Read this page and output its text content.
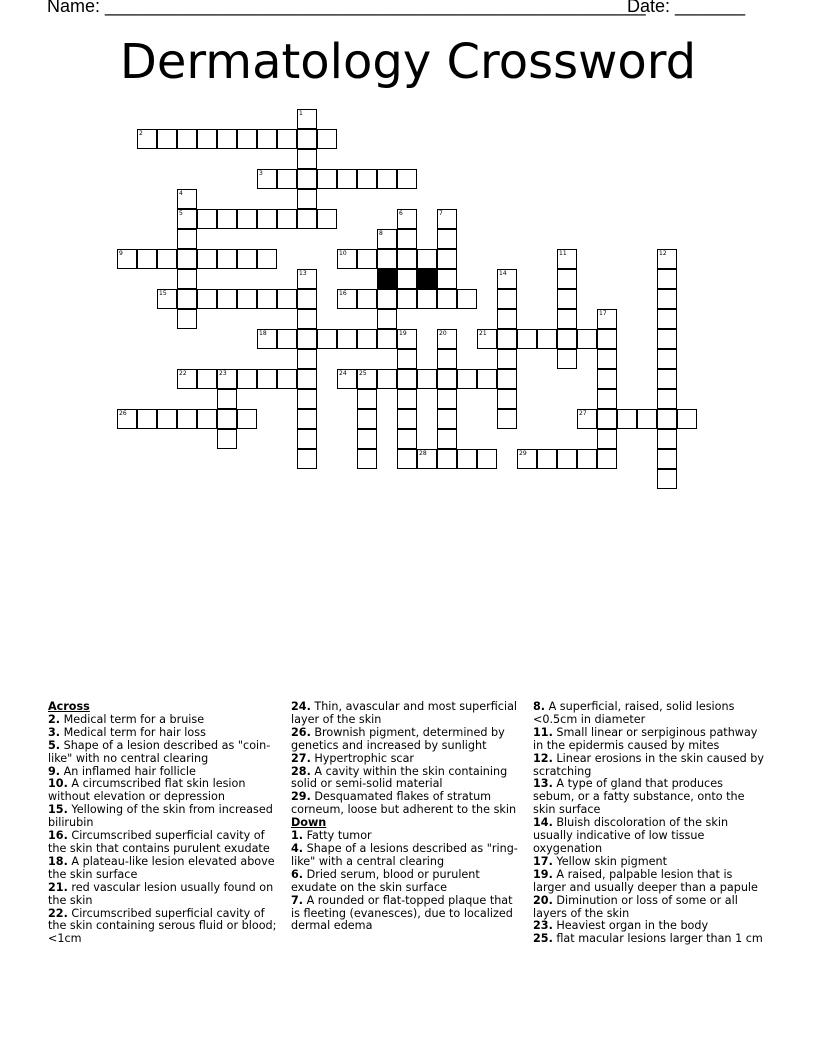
Name: ______________________________________________________
Date: _______
Dermatology Crossword
2
3
5
9	10
15	16
18	21
22	23	24 25
26	27
28	29
1
4
6	7
8
11	12
13	14
17
19	20
Across
2. Medical term for a bruise
3. Medical term for hair loss
5. Shape of a lesion described as "coin-like" with no central clearing
9. An inflamed hair follicle
10. A circumscribed flat skin lesion without elevation or depression
15. Yellowing of the skin from increased bilirubin
16. Circumscribed superficial cavity of the skin that contains purulent exudate
18. A plateau-like lesion elevated above the skin surface
21. red vascular lesion usually found on the skin
22. Circumscribed superficial cavity of the skin containing serous fluid or blood; <1cm
24. Thin, avascular and most superficial layer of the skin
26. Brownish pigment, determined by genetics and increased by sunlight
27. Hypertrophic scar
28. A cavity within the skin containing solid or semi-solid material
29. Desquamated flakes of stratum corneum, loose but adherent to the skin
Down
1. Fatty tumor
4. Shape of a lesions described as "ring-like" with a central clearing
6. Dried serum, blood or purulent exudate on the skin surface
7. A rounded or flat-topped plaque that is fleeting (evanesces), due to localized dermal edema
8. A superficial, raised, solid lesions <0.5cm in diameter
11. Small linear or serpiginous pathway in the epidermis caused by mites
12. Linear erosions in the skin caused by scratching
13. A type of gland that produces sebum, or a fatty substance, onto the skin surface
14. Bluish discoloration of the skin usually indicative of low tissue oxygenation
17. Yellow skin pigment
19. A raised, palpable lesion that is larger and usually deeper than a papule
20. Diminution or loss of some or all layers of the skin
23. Heaviest organ in the body
25. flat macular lesions larger than 1 cm
